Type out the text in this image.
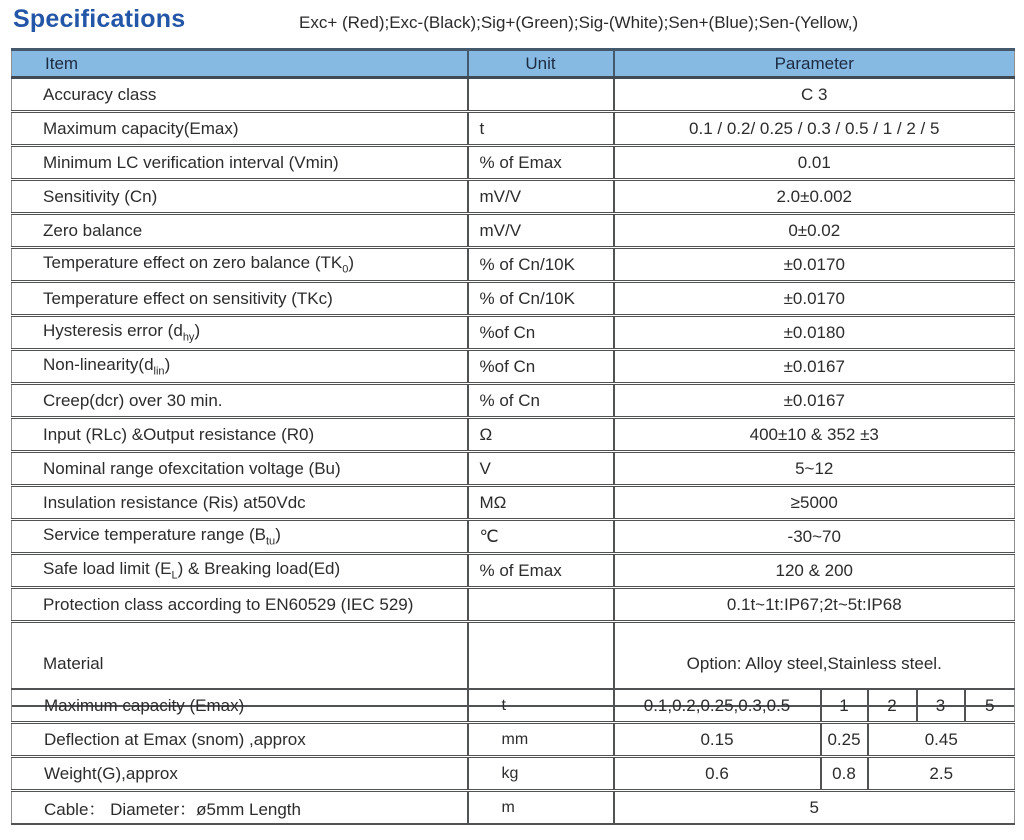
Specifications	Exc+ (Red);Exc-(Black);Sig+(Green);Sig-(White);Sen+(Blue);Sen-(Yellow,)
Item	Unit	Parameter
Accuracy class		C 3
Maximum capacity(Emax)	t	0.1 / 0.2/ 0.25 / 0.3 / 0.5 / 1 / 2 / 5
Minimum LC verification interval (Vmin)	% of Emax	0.01
Sensitivity (Cn)	mV/V	2.0±0.002
Zero balance	mV/V	0±0.02
Temperature effect on zero balance $(TK_0)$	% of Cn/10K	±0.0170
Temperature effect on sensitivity (TKc)	% of Cn/10K	±0.0170
Hysteresis error $(d_{hy})$	%of Cn	±0.0180
Non-$linearity(d_{lin})$	%of Cn	±0.0167
Creep(dcr) over 30 min.	% of Cn	±0.0167
Input (RLc) &Output resistance (R0)	Ω	400±10 & 352 ±3
Nominal range ofexcitation voltage (Bu)	V	5~12
Insulation resistance (Ris) at50Vdc	MΩ	≥5000
Service temperature range $(B_{tu})$	℃	-30~70
Safe load limit $(E_L)$ & Breaking load(Ed)	% of Emax	120 & 200
Protection class according to EN60529 (IEC 529)		0.1t~1t:IP67;2t~5t:IP68
Material		Option: Alloy steel,Stainless steel.
Maximum capacity (Emax)	t	0.1,0.2,0.25,0.3,0.5	1	2	3	5
Deflection at Emax (snom) ,approx	mm	0.15	0.25	0.45		
Weight(G),approx	kg	0.6	0.8	2.5		
Cable： Diameter：ø5mm Length	m	5				
